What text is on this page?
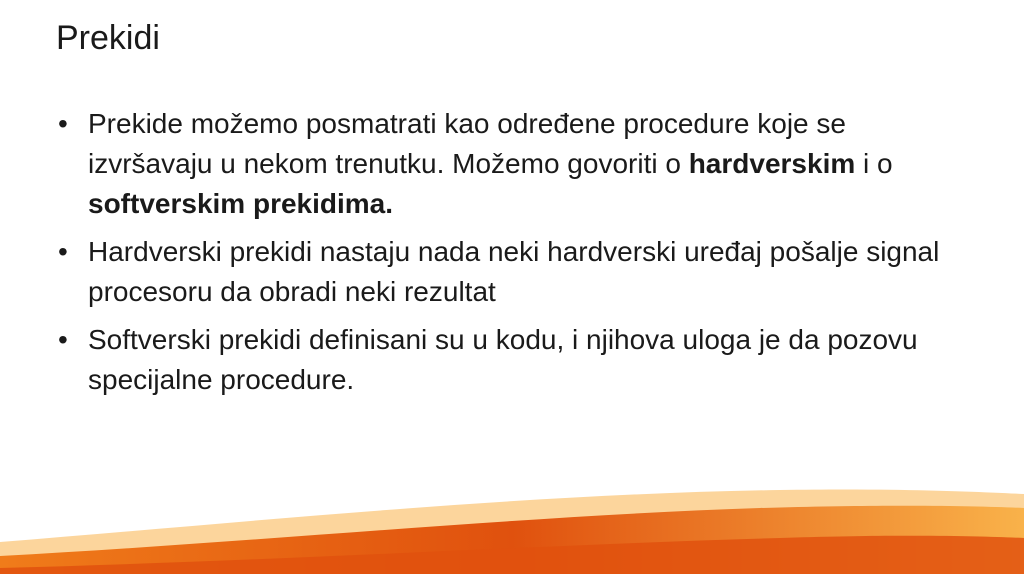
Prekidi
• Prekide možemo posmatrati kao određene procedure koje se izvršavaju u nekom trenutku. Možemo govoriti o hardverskim i o softverskim prekidima.
• Hardverski prekidi nastaju nada neki hardverski uređaj pošalje signal procesoru da obradi neki rezultat
• Softverski prekidi definisani su u kodu, i njihova uloga je da pozovu specijalne procedure.
